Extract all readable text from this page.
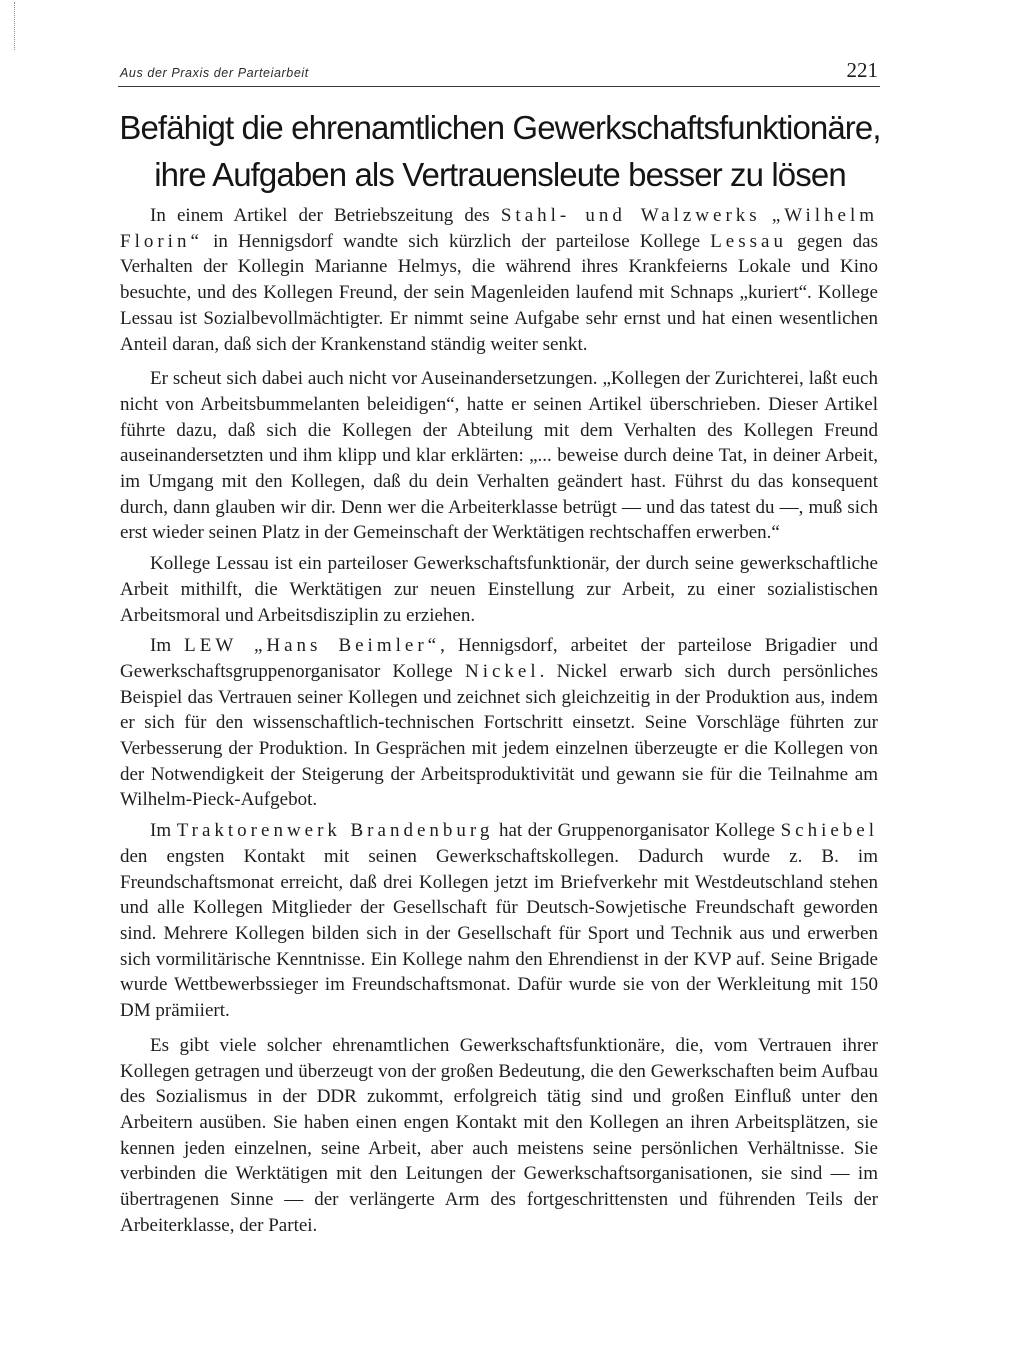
Aus der Praxis der Parteiarbeit	221
Befähigt die ehrenamtlichen Gewerkschaftsfunktionäre,
ihre Aufgaben als Vertrauensleute besser zu lösen

In einem Artikel der Betriebszeitung des Stahl- und Walzwerks „Wilhelm Florin“ in Hennigsdorf wandte sich kürzlich der parteilose Kollege Lessau gegen das Verhalten der Kollegin Marianne Helmys, die während ihres Krankfeierns Lokale und Kino besuchte, und des Kollegen Freund, der sein Magenleiden laufend mit Schnaps „kuriert“. Kollege Lessau ist Sozialbevollmächtigter. Er nimmt seine Aufgabe sehr ernst und hat einen wesentlichen Anteil daran, daß sich der Krankenstand ständig weiter senkt.

Er scheut sich dabei auch nicht vor Auseinandersetzungen. „Kollegen der Zurichterei, laßt euch nicht von Arbeitsbummelanten beleidigen“, hatte er seinen Artikel überschrieben. Dieser Artikel führte dazu, daß sich die Kollegen der Abteilung mit dem Verhalten des Kollegen Freund auseinandersetzten und ihm klipp und klar erklärten: „... beweise durch deine Tat, in deiner Arbeit, im Umgang mit den Kollegen, daß du dein Verhalten geändert hast. Führst du das konsequent durch, dann glauben wir dir. Denn wer die Arbeiterklasse betrügt — und das tatest du —, muß sich erst wieder seinen Platz in der Gemeinschaft der Werktätigen rechtschaffen erwerben.“

Kollege Lessau ist ein parteiloser Gewerkschaftsfunktionär, der durch seine gewerkschaftliche Arbeit mithilft, die Werktätigen zur neuen Einstellung zur Arbeit, zu einer sozialistischen Arbeitsmoral und Arbeitsdisziplin zu erziehen.

Im LEW „Hans Beimler“, Hennigsdorf, arbeitet der parteilose Brigadier und Gewerkschaftsgruppenorganisator Kollege Nickel. Nickel erwarb sich durch persönliches Beispiel das Vertrauen seiner Kollegen und zeichnet sich gleichzeitig in der Produktion aus, indem er sich für den wissenschaftlich-technischen Fortschritt einsetzt. Seine Vorschläge führten zur Verbesserung der Produktion. In Gesprächen mit jedem einzelnen überzeugte er die Kollegen von der Notwendigkeit der Steigerung der Arbeitsproduktivität und gewann sie für die Teilnahme am Wilhelm-Pieck-Aufgebot.

Im Traktorenwerk Brandenburg hat der Gruppenorganisator Kollege Schiebel den engsten Kontakt mit seinen Gewerkschaftskollegen. Dadurch wurde z. B. im Freundschaftsmonat erreicht, daß drei Kollegen jetzt im Briefverkehr mit Westdeutschland stehen und alle Kollegen Mitglieder der Gesellschaft für Deutsch-Sowjetische Freundschaft geworden sind. Mehrere Kollegen bilden sich in der Gesellschaft für Sport und Technik aus und erwerben sich vormilitärische Kenntnisse. Ein Kollege nahm den Ehrendienst in der KVP auf. Seine Brigade wurde Wettbewerbssieger im Freundschaftsmonat. Dafür wurde sie von der Werkleitung mit 150 DM prämiiert.

Es gibt viele solcher ehrenamtlichen Gewerkschaftsfunktionäre, die, vom Vertrauen ihrer Kollegen getragen und überzeugt von der großen Bedeutung, die den Gewerkschaften beim Aufbau des Sozialismus in der DDR zukommt, erfolgreich tätig sind und großen Einfluß unter den Arbeitern ausüben. Sie haben einen engen Kontakt mit den Kollegen an ihren Arbeitsplätzen, sie kennen jeden einzelnen, seine Arbeit, aber auch meistens seine persönlichen Verhältnisse. Sie verbinden die Werktätigen mit den Leitungen der Gewerkschaftsorganisationen, sie sind — im übertragenen Sinne — der verlängerte Arm des fortgeschrittensten und führenden Teils der Arbeiterklasse, der Partei.
